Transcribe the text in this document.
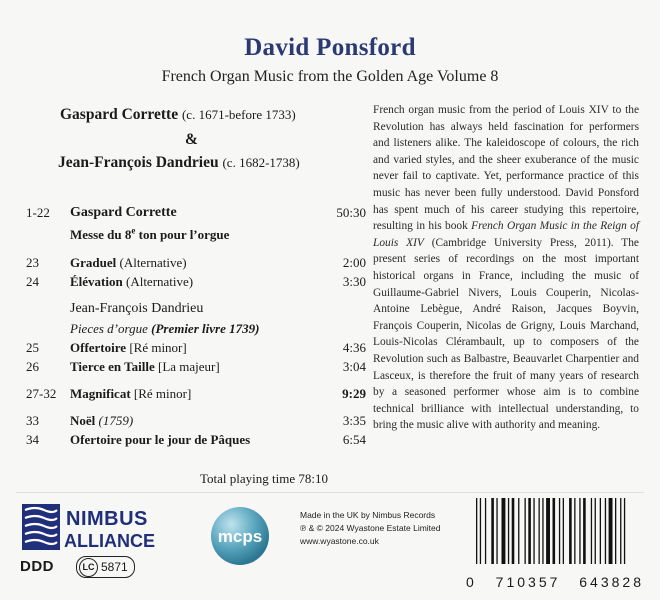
David Ponsford
French Organ Music from the Golden Age Volume 8
Gaspard Corrette (c. 1671-before 1733)
&
Jean-François Dandrieu (c. 1682-1738)
1-22 Gaspard Corrette	50:30
Messe du 8e ton pour l’orgue
23 Graduel (Alternative)	2:00
24 Élévation (Alternative)	3:30
Jean-François Dandrieu
Pieces d’orgue (Premier livre 1739)
25 Offertoire [Ré minor]	4:36
26 Tierce en Taille [La majeur]	3:04
27-32 Magnificat [Ré minor]	9:29
33 Noël (1759)	3:35
34 Ofertoire pour le jour de Pâques	6:54
Total playing time 78:10
French organ music from the period of Louis XIV to the Revolution has always held fascination for performers and listeners alike. The kaleidoscope of colours, the rich and varied styles, and the sheer exuberance of the music never fail to captivate. Yet, performance practice of this music has never been fully understood. David Ponsford has spent much of his career studying this repertoire, resulting in his book French Organ Music in the Reign of Louis XIV (Cambridge University Press, 2011). The present series of recordings on the most important historical organs in France, including the music of Guillaume-Gabriel Nivers, Louis Couperin, Nicolas-Antoine Lebègue, André Raison, Jacques Boyvin, François Couperin, Nicolas de Grigny, Louis Marchand, Louis-Nicolas Clérambault, up to composers of the Revolution such as Balbastre, Beauvarlet Charpentier and Lasceux, is therefore the fruit of many years of research by a seasoned performer whose aim is to combine technical brilliance with intellectual understanding, to bring the music alive with authority and meaning.
NIMBUS
ALLIANCE
DDD	LC 5871
mcps
Made in the UK by Nimbus Records
℗ & © 2024 Wyastone Estate Limited
www.wyastone.co.uk
0 710357 643828
